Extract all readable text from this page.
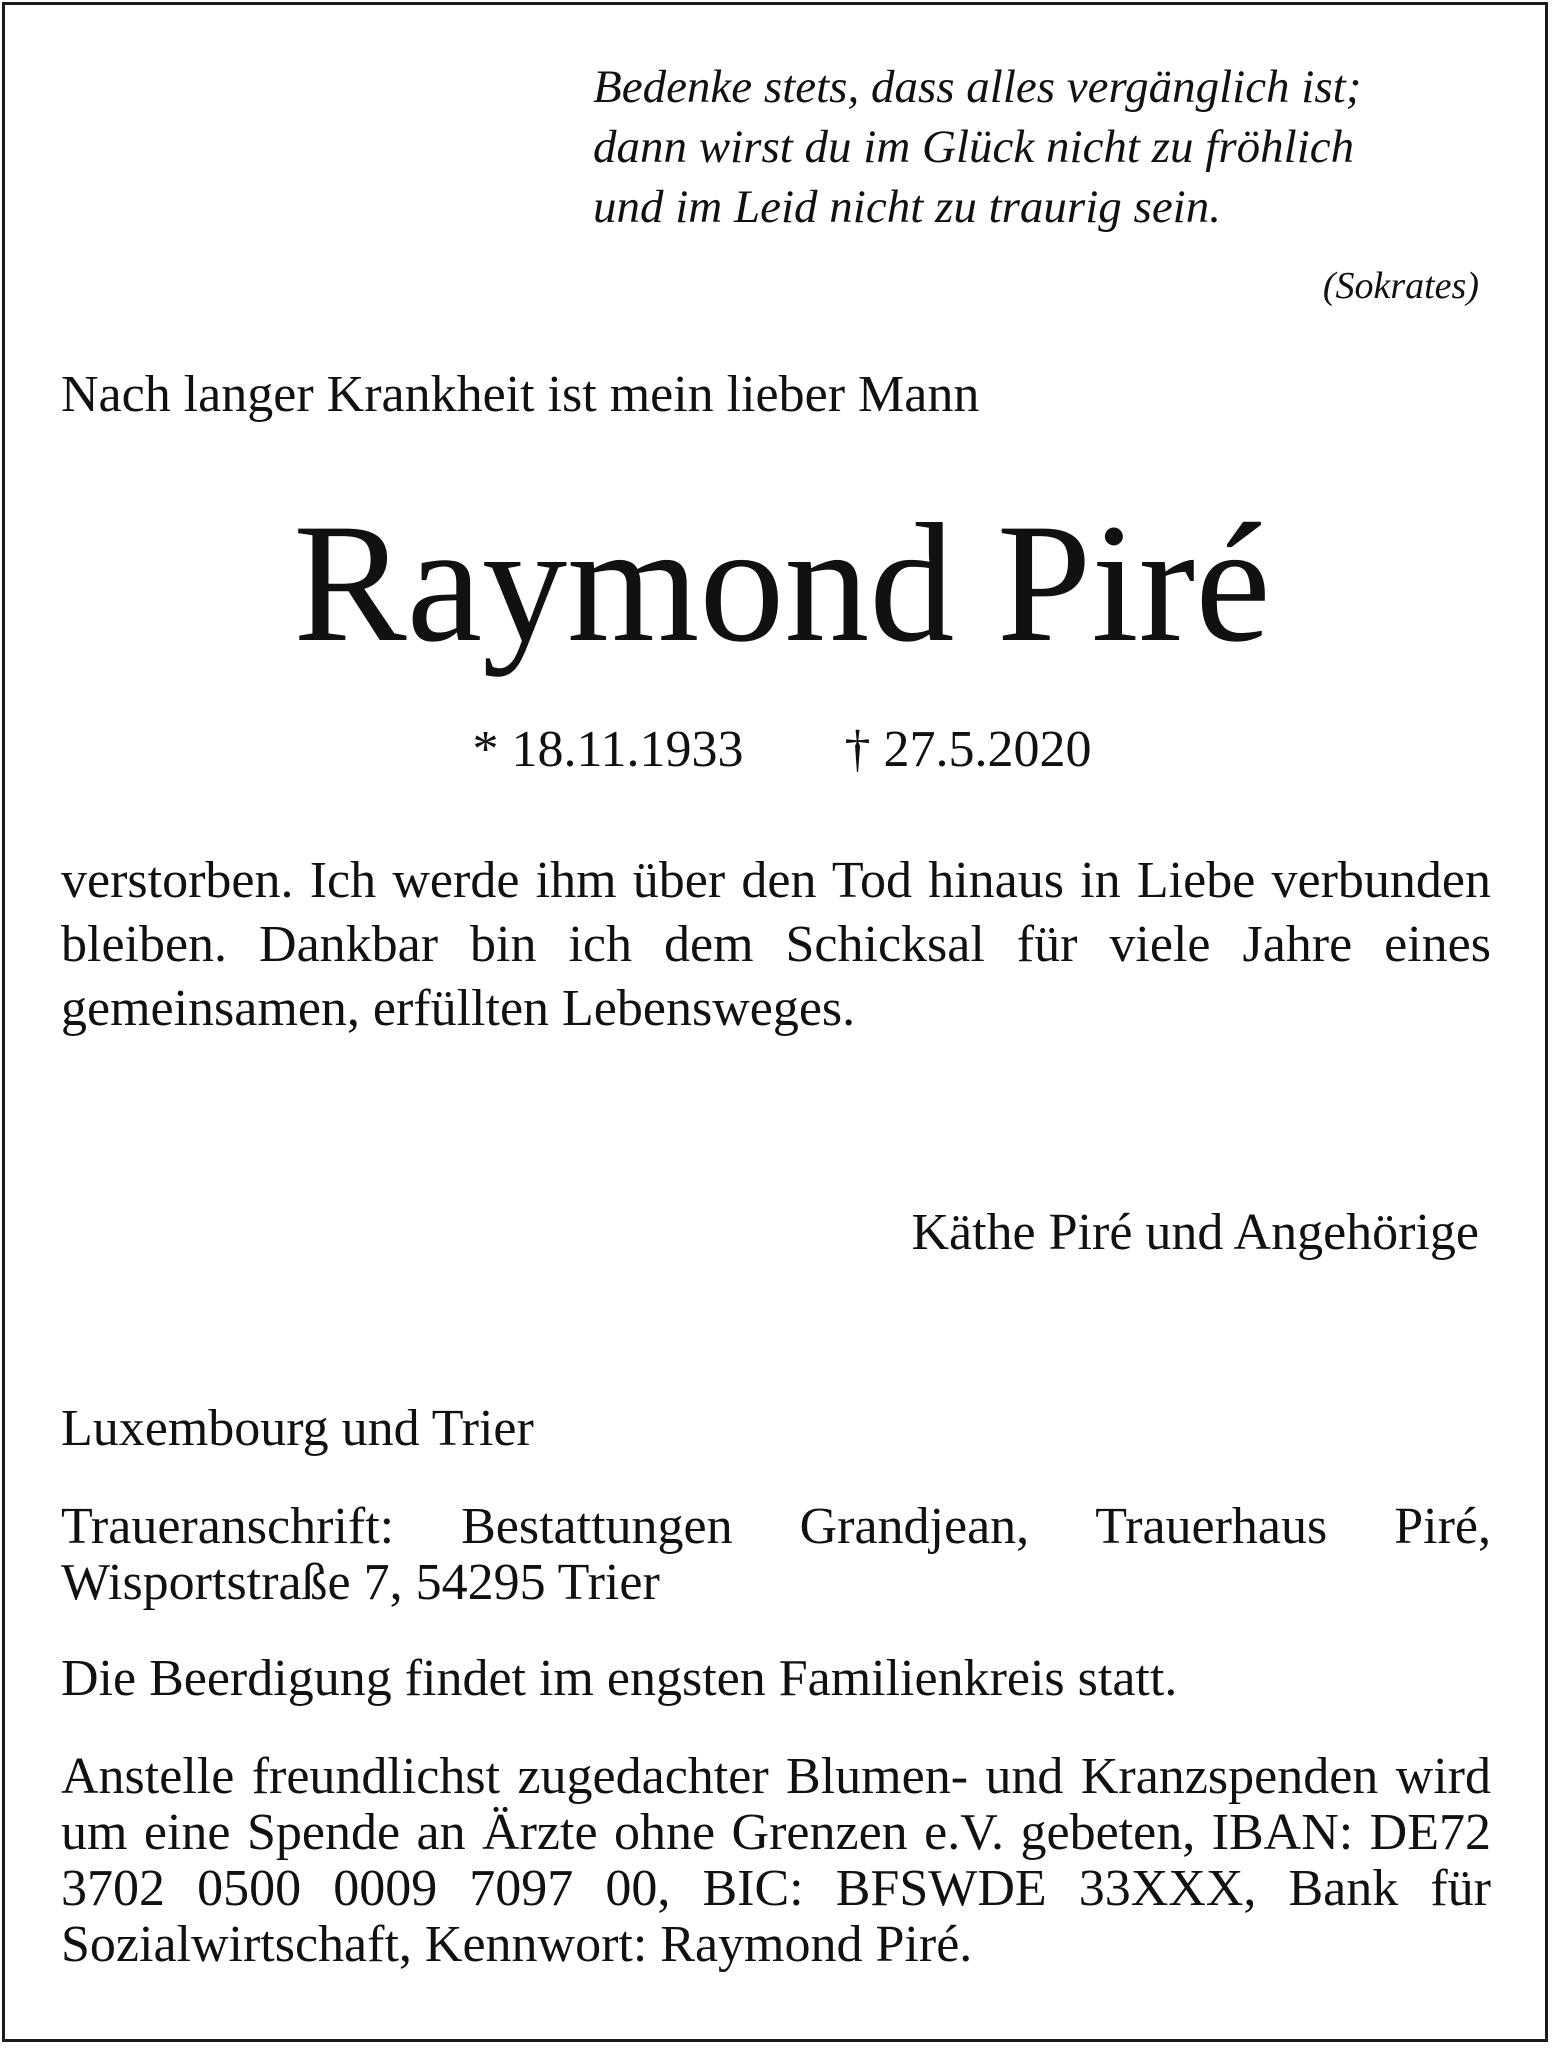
Bedenke stets, dass alles vergänglich ist;
dann wirst du im Glück nicht zu fröhlich
und im Leid nicht zu traurig sein.
(Sokrates)
Nach langer Krankheit ist mein lieber Mann
Raymond Piré
* 18.11.1933 † 27.5.2020
verstorben. Ich werde ihm über den Tod hinaus in Liebe verbunden bleiben. Dankbar bin ich dem Schicksal für viele Jahre eines gemeinsamen, erfüllten Lebensweges.
Käthe Piré und Angehörige
Luxembourg und Trier
Traueranschrift: Bestattungen Grandjean, Trauerhaus Piré, Wisportstraße 7, 54295 Trier
Die Beerdigung findet im engsten Familienkreis statt.
Anstelle freundlichst zugedachter Blumen- und Kranzspenden wird um eine Spende an Ärzte ohne Grenzen e.V. gebeten, IBAN: DE72 3702 0500 0009 7097 00, BIC: BFSWDE 33XXX, Bank für Sozialwirtschaft, Kennwort: Raymond Piré.
